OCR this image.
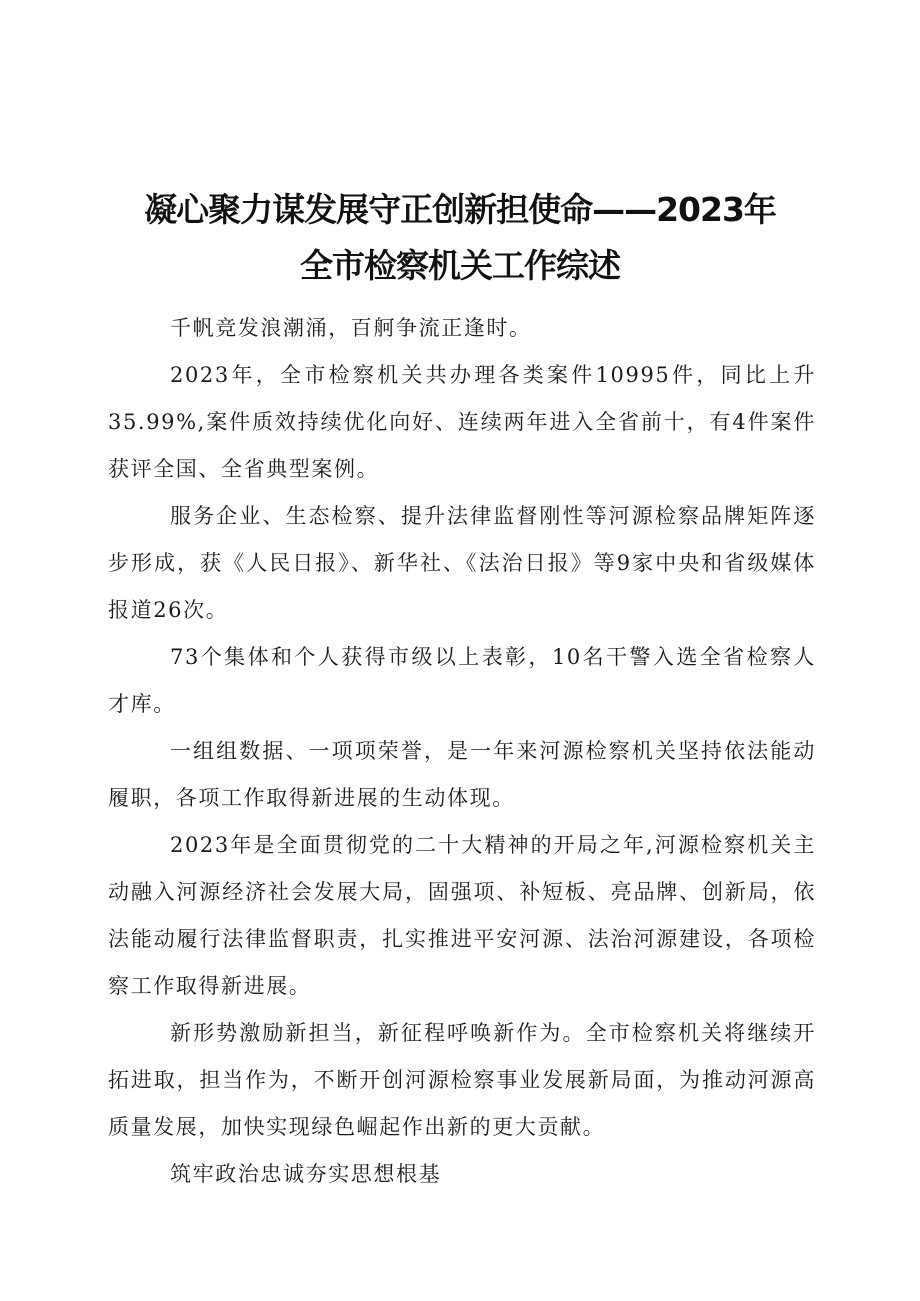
凝心聚力谋发展守正创新担使命——2023年
全市检察机关工作综述

千帆竞发浪潮涌，百舸争流正逢时。

2023年，全市检察机关共办理各类案件10995件，同比上升35.99%,案件质效持续优化向好、连续两年进入全省前十，有4件案件获评全国、全省典型案例。

服务企业、生态检察、提升法律监督刚性等河源检察品牌矩阵逐步形成，获《人民日报》、新华社、《法治日报》等9家中央和省级媒体报道26次。

73个集体和个人获得市级以上表彰，10名干警入选全省检察人才库。

一组组数据、一项项荣誉，是一年来河源检察机关坚持依法能动履职，各项工作取得新进展的生动体现。

2023年是全面贯彻党的二十大精神的开局之年,河源检察机关主动融入河源经济社会发展大局，固强项、补短板、亮品牌、创新局，依法能动履行法律监督职责，扎实推进平安河源、法治河源建设，各项检察工作取得新进展。

新形势激励新担当，新征程呼唤新作为。全市检察机关将继续开拓进取，担当作为，不断开创河源检察事业发展新局面，为推动河源高质量发展，加快实现绿色崛起作出新的更大贡献。

筑牢政治忠诚夯实思想根基
